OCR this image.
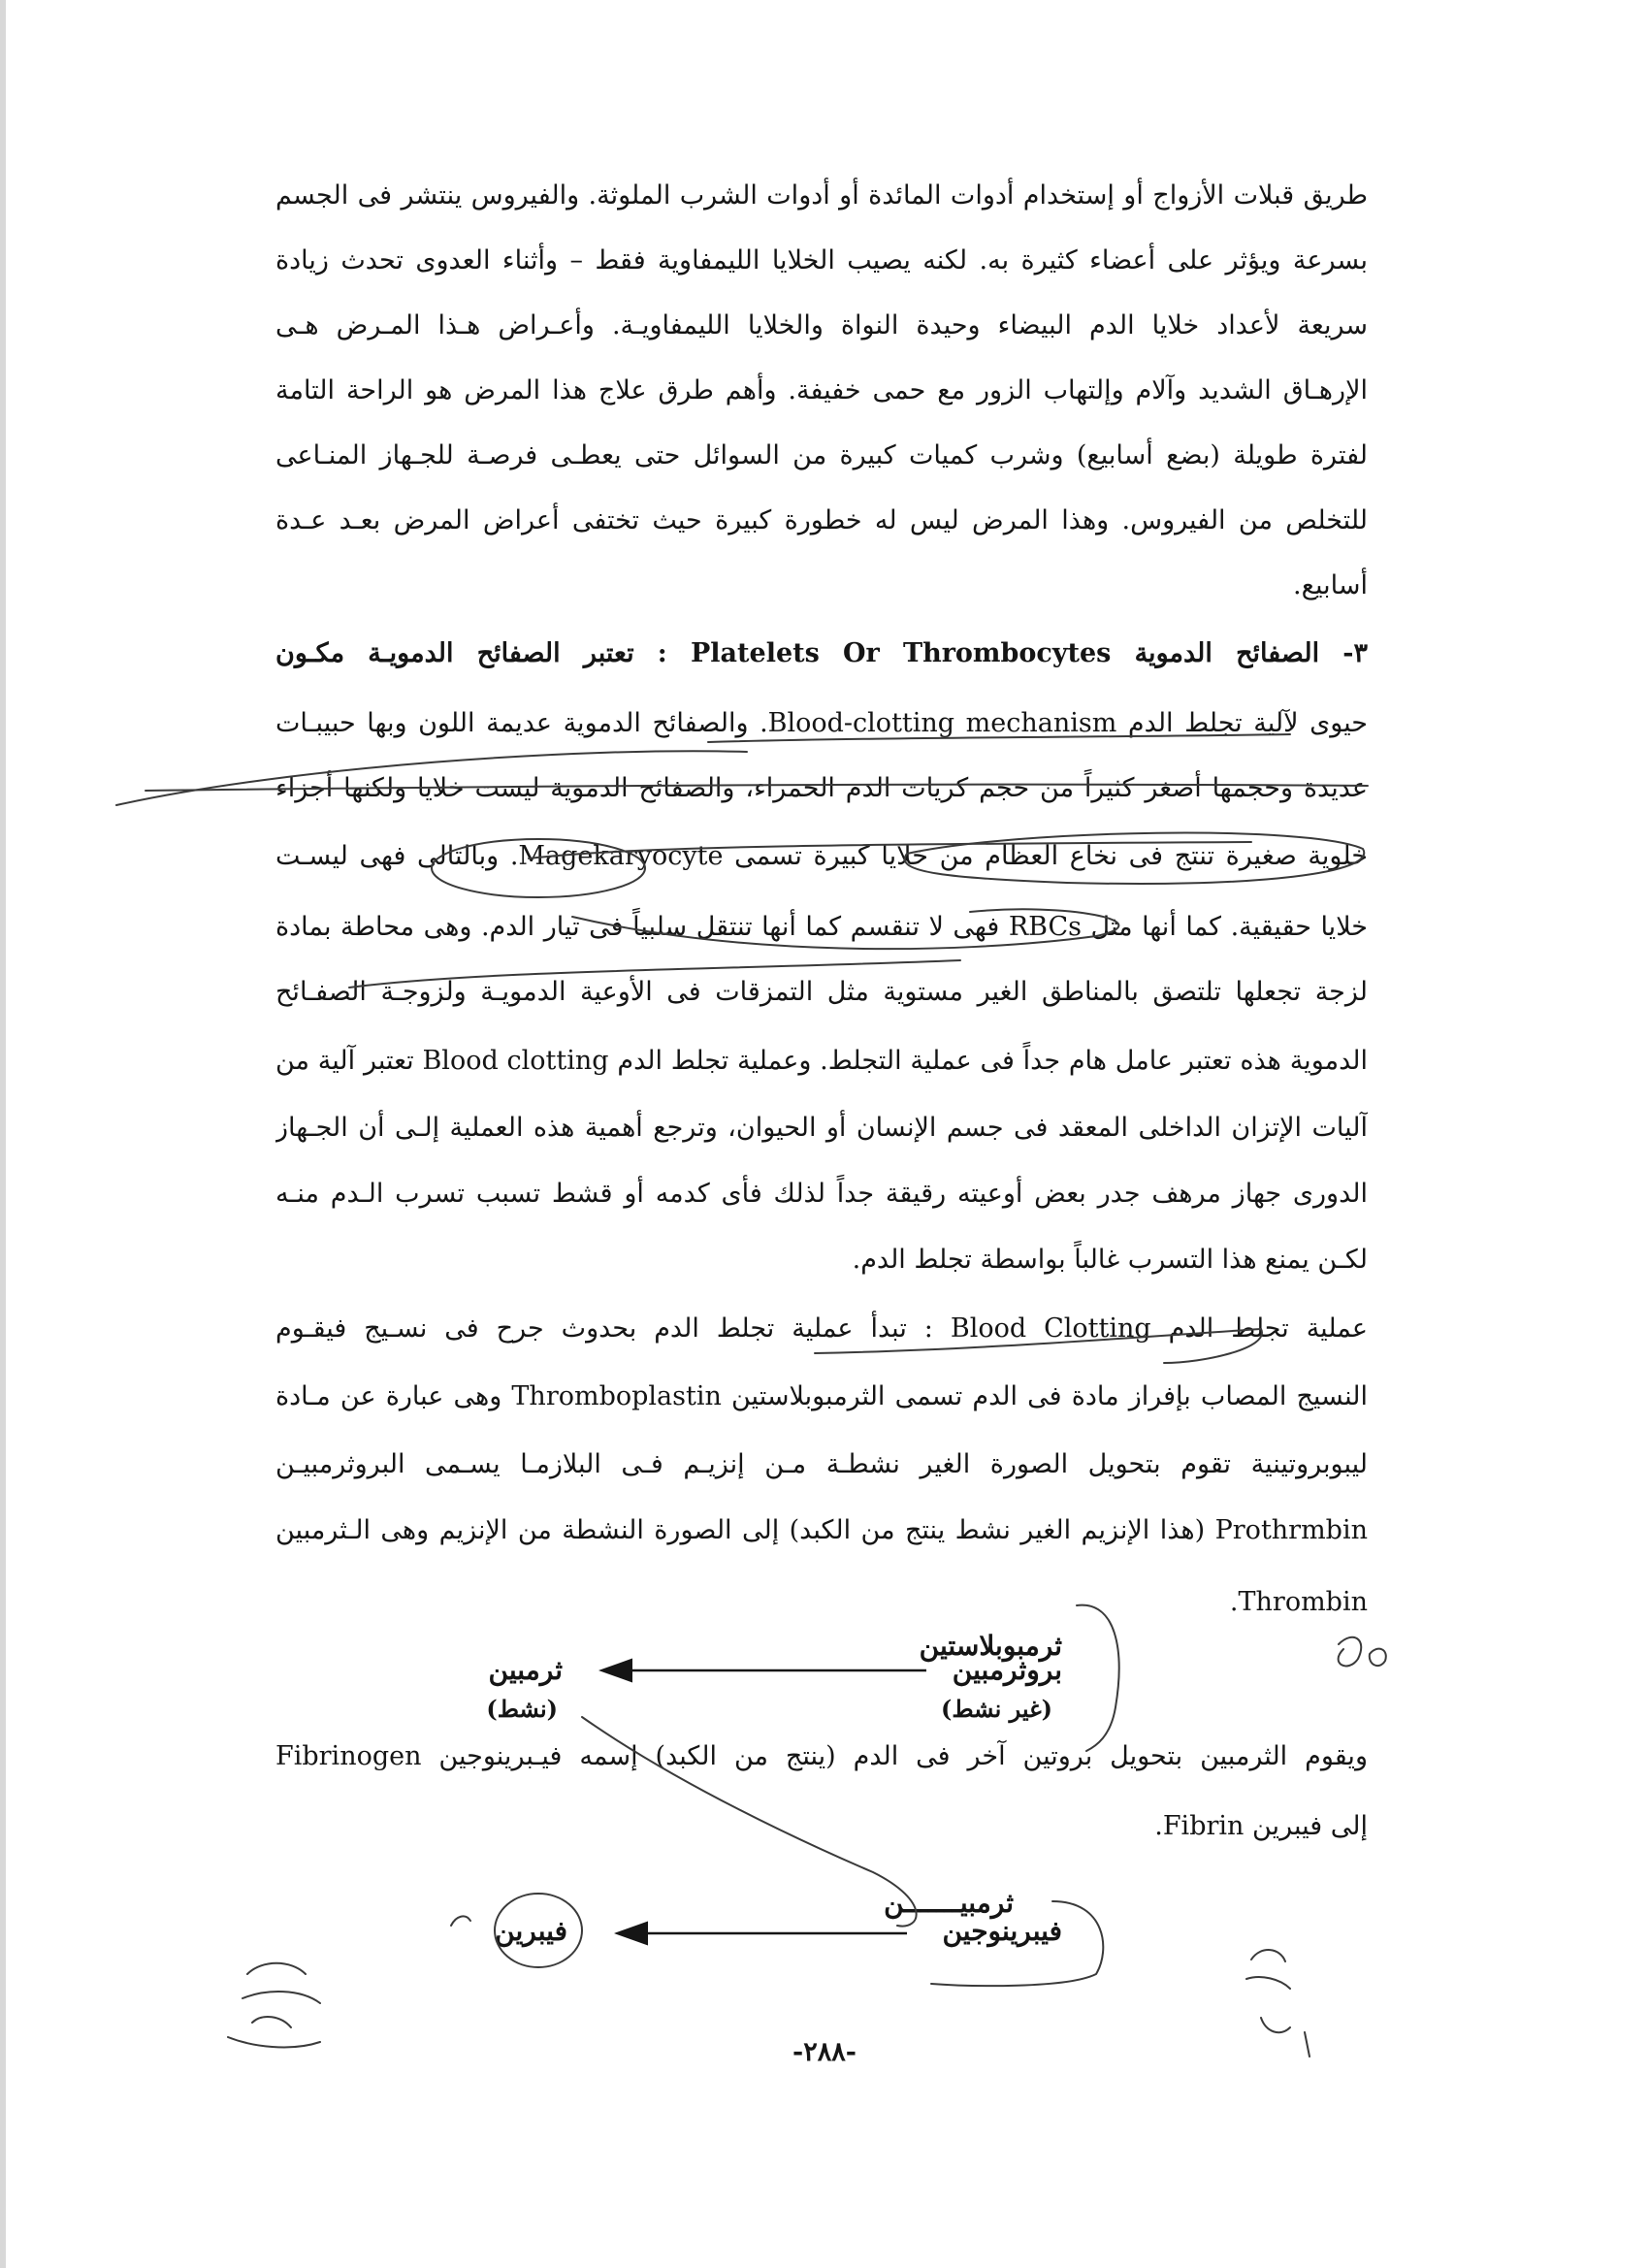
طريق قبلات الأزواج أو إستخدام أدوات المائدة أو أدوات الشرب الملوثة. والفيروس ينتشر فى الجسم
بسرعة ويؤثر على أعضاء كثيرة به. لكنه يصيب الخلايا الليمفاوية فقط – وأثناء العدوى تحدث زيادة
سريعة لأعداد خلايا الدم البيضاء وحيدة النواة والخلايا الليمفاويـة. وأعـراض هـذا المـرض هـى
الإرهـاق الشديد وآلام وإلتهاب الزور مع حمى خفيفة. وأهم طرق علاج هذا المرض هو الراحة التامة
لفترة طويلة (بضع أسابيع) وشرب كميات كبيرة من السوائل حتى يعطـى فرصـة للجـهاز المنـاعى
للتخلص من الفيروس. وهذا المرض ليس له خطورة كبيرة حيث تختفى أعراض المرض بعـد عـدة
أسابيع.
٣- الصفائح الدموية Platelets Or Thrombocytes : تعتبر الصفائح الدمويـة مكـون
حيوى لآلية تجلط الدم Blood-clotting mechanism. والصفائح الدموية عديمة اللون وبها حبيبـات
عديدة وحجمها أصغر كثيراً من حجم كريات الدم الحمراء، والصفائح الدموية ليست خلايا ولكنها أجزاء
خلوية صغيرة تنتج فى نخاع العظام من خلايا كبيرة تسمى Magekaryocyte. وبالتالى فهى ليسـت
خلايا حقيقية. كما أنها مثل RBCs فهى لا تنقسم كما أنها تنتقل سلبياً فى تيار الدم. وهى محاطة بمادة
لزجة تجعلها تلتصق بالمناطق الغير مستوية مثل التمزقات فى الأوعية الدمويـة ولزوجـة الصفـائح
الدموية هذه تعتبر عامل هام جداً فى عملية التجلط. وعملية تجلط الدم Blood clotting تعتبر آلية من
آليات الإتزان الداخلى المعقد فى جسم الإنسان أو الحيوان، وترجع أهمية هذه العملية إلـى أن الجـهاز
الدورى جهاز مرهف جدر بعض أوعيته رقيقة جداً لذلك فأى كدمه أو قشط تسبب تسرب الـدم منـه
لكـن يمنع هذا التسرب غالباً بواسطة تجلط الدم.
عملية تجلط الدم Blood Clotting : تبدأ عملية تجلط الدم بحدوث جرح فى نسـيج فيقـوم
النسيج المصاب بإفراز مادة فى الدم تسمى الثرمبوبلاستين Thromboplastin وهى عبارة عن مـادة
ليبوبروتينية تقوم بتحويل الصورة الغير نشطـة مـن إنزيـم فـى البلازمـا يسـمى البروثرمبيـن
Prothrmbin (هذا الإنزيم الغير نشط ينتج من الكبد) إلى الصورة النشطة من الإنزيم وهى الـثرمبين
Thrombin.
ثرمبوبلاستين
بروثرمبين
(غير نشط)
ثرمبين
(نشط)
ويقوم الثرمبين بتحويل بروتين آخر فى الدم (ينتج من الكبد) إسمه فيـبرينوجين Fibrinogen
إلى فيبرين Fibrin.
ثرمبيـــــــن
فيبرينوجين
فيبرين
-٢٨٨-
